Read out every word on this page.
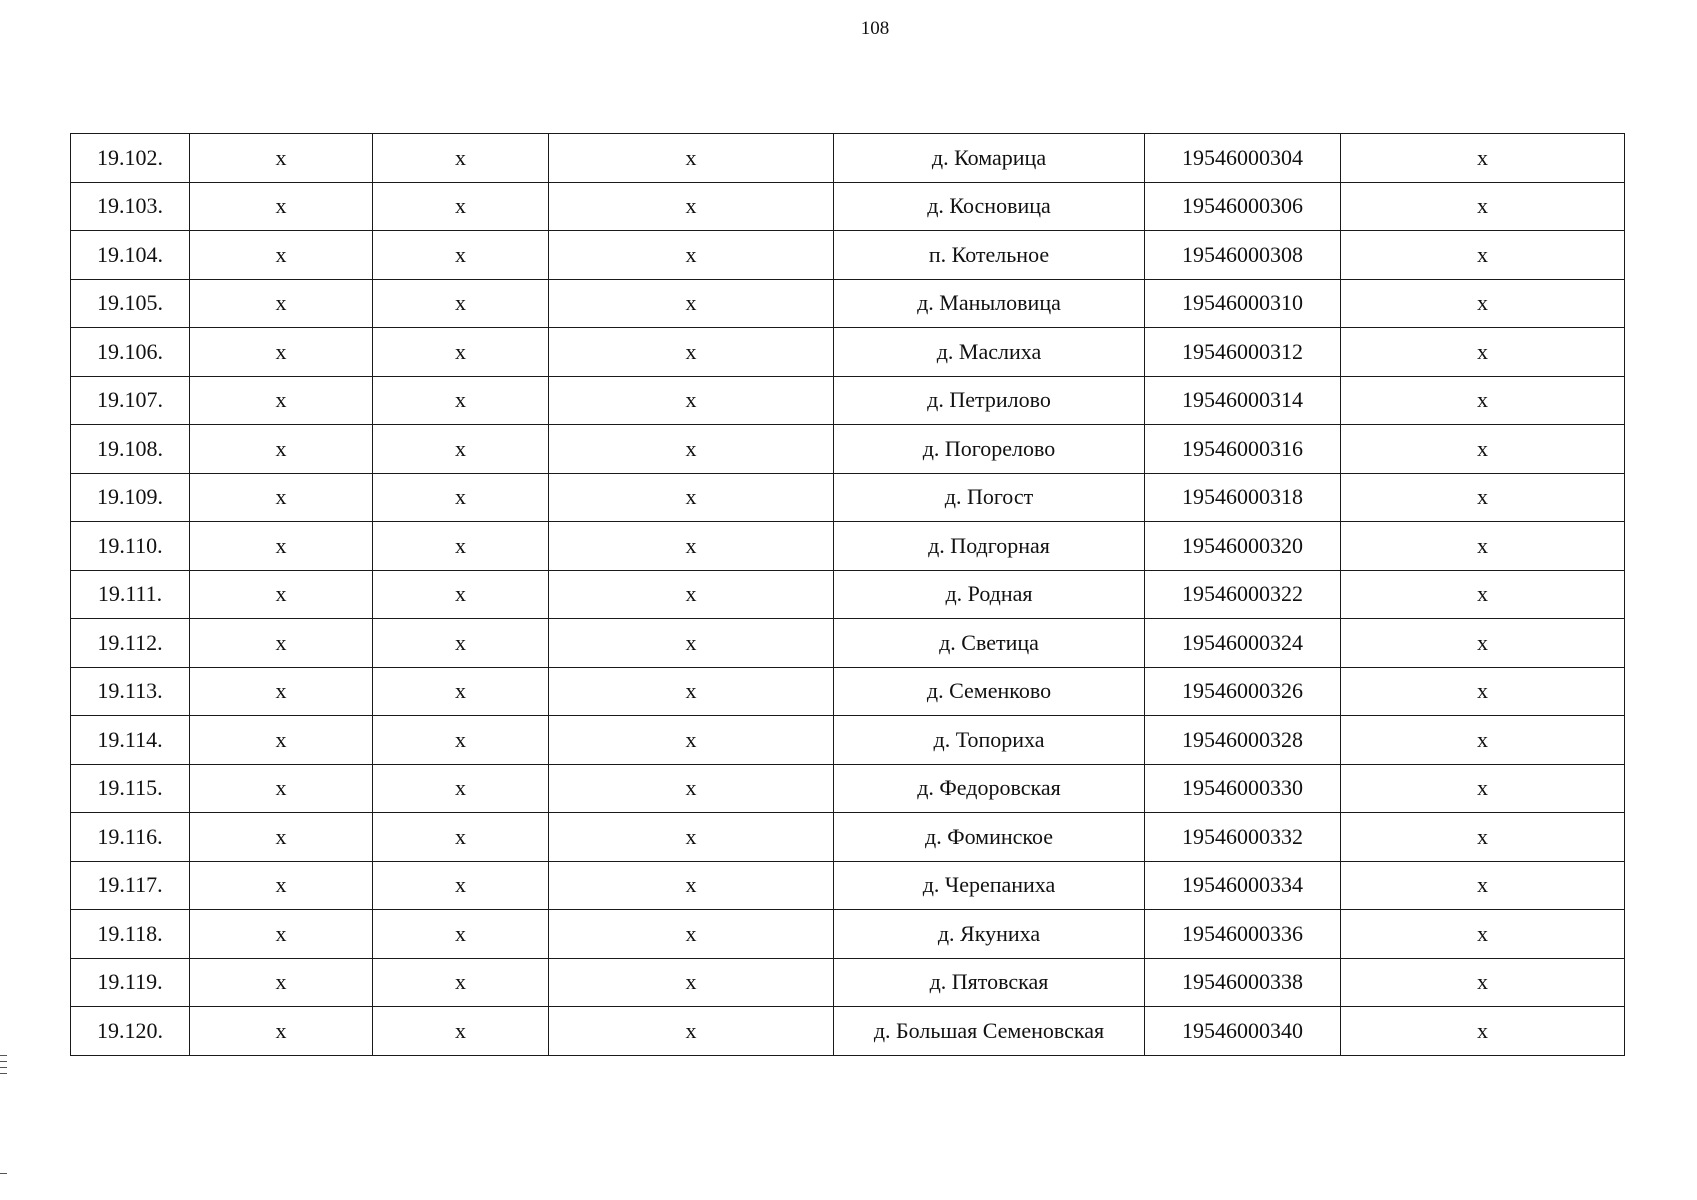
108
19.102.	x	x	x	д. Комарица	19546000304	x
19.103.	x	x	x	д. Косновица	19546000306	x
19.104.	x	x	x	п. Котельное	19546000308	x
19.105.	x	x	x	д. Маныловица	19546000310	x
19.106.	x	x	x	д. Маслиха	19546000312	x
19.107.	x	x	x	д. Петрилово	19546000314	x
19.108.	x	x	x	д. Погорелово	19546000316	x
19.109.	x	x	x	д. Погост	19546000318	x
19.110.	x	x	x	д. Подгорная	19546000320	x
19.111.	x	x	x	д. Родная	19546000322	x
19.112.	x	x	x	д. Светица	19546000324	x
19.113.	x	x	x	д. Семенково	19546000326	x
19.114.	x	x	x	д. Топориха	19546000328	x
19.115.	x	x	x	д. Федоровская	19546000330	x
19.116.	x	x	x	д. Фоминское	19546000332	x
19.117.	x	x	x	д. Черепаниха	19546000334	x
19.118.	x	x	x	д. Якуниха	19546000336	x
19.119.	x	x	x	д. Пятовская	19546000338	x
19.120.	x	x	x	д. Большая Семеновская	19546000340	x
